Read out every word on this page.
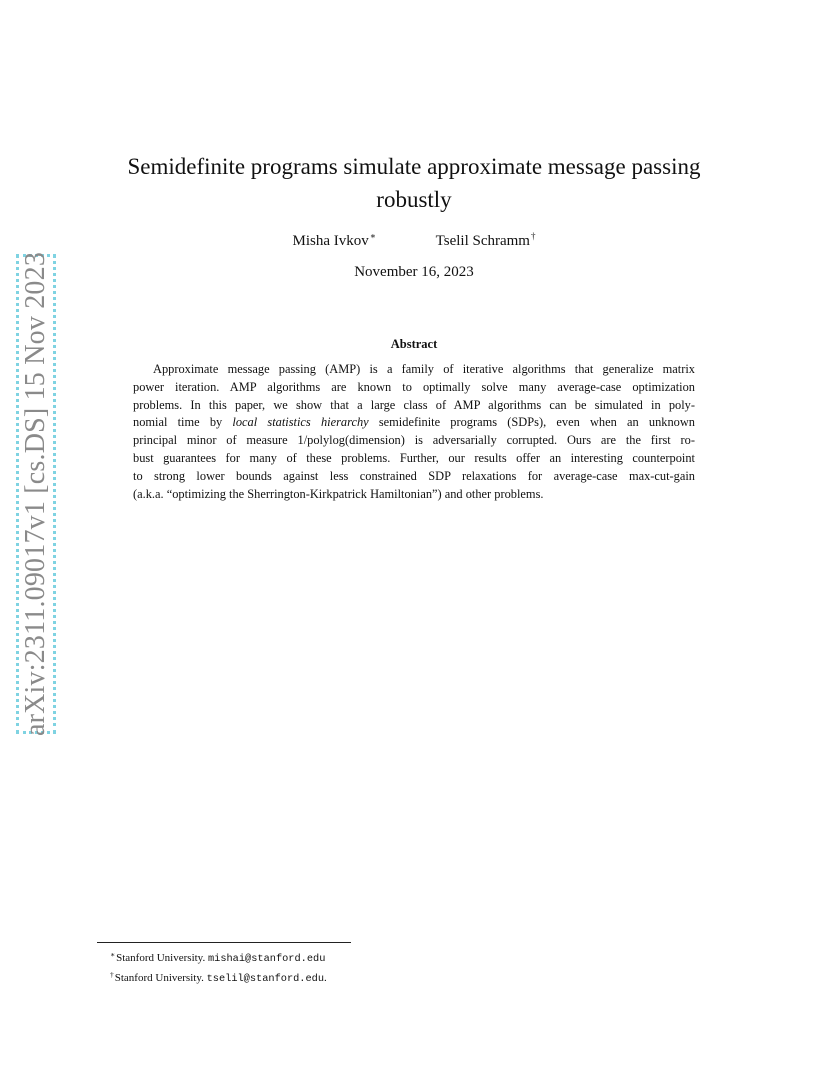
arXiv:2311.09017v1 [cs.DS] 15 Nov 2023
Semidefinite programs simulate approximate message passing
robustly
Misha Ivkov∗	Tselil Schramm†
November 16, 2023
Abstract
Approximate message passing (AMP) is a family of iterative algorithms that generalize matrix
power iteration. AMP algorithms are known to optimally solve many average-case optimization
problems. In this paper, we show that a large class of AMP algorithms can be simulated in poly-
nomial time by local statistics hierarchy semidefinite programs (SDPs), even when an unknown
principal minor of measure 1/polylog(dimension) is adversarially corrupted. Ours are the first ro-
bust guarantees for many of these problems. Further, our results offer an interesting counterpoint
to strong lower bounds against less constrained SDP relaxations for average-case max-cut-gain
(a.k.a. “optimizing the Sherrington-Kirkpatrick Hamiltonian”) and other problems.
∗Stanford University. mishai@stanford.edu
†Stanford University. tselil@stanford.edu.
